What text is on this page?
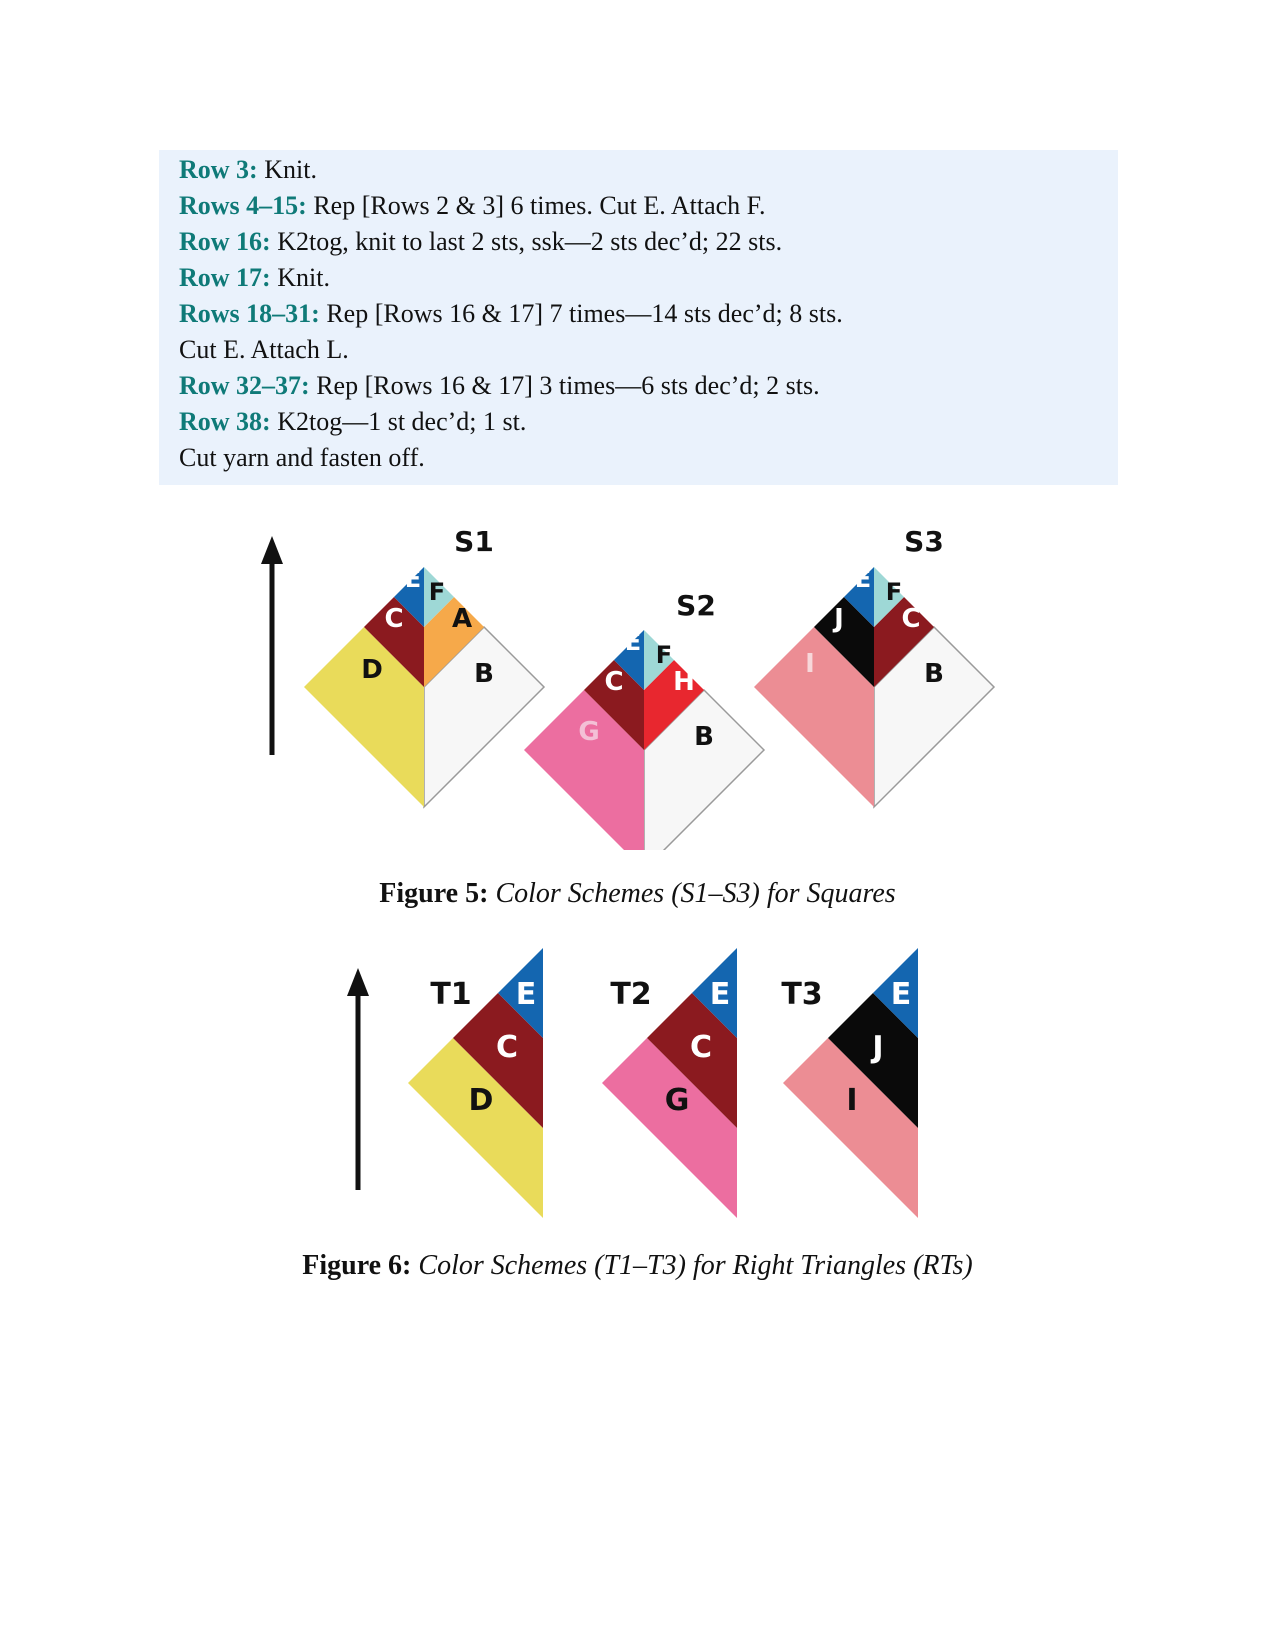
Row 3: Knit.
Rows 4–15: Rep [Rows 2 & 3] 6 times. Cut E. Attach F.
Row 16: K2tog, knit to last 2 sts, ssk—2 sts dec’d; 22 sts.
Row 17: Knit.
Rows 18–31: Rep [Rows 16 & 17] 7 times—14 sts dec’d; 8 sts.
Cut E. Attach L.
Row 32–37: Rep [Rows 16 & 17] 3 times—6 sts dec’d; 2 sts.
Row 38: K2tog—1 st dec’d; 1 st.
Cut yarn and fasten off.
E F
C A
D	B
S1
E F
C H
G	B
S2
E F
J C
I	B
S3
Figure 5: Color Schemes (S1–S3) for Squares
E
C
D
T1	E
C
G
T2	E
J
I
T3
Figure 6: Color Schemes (T1–T3) for Right Triangles (RTs)
